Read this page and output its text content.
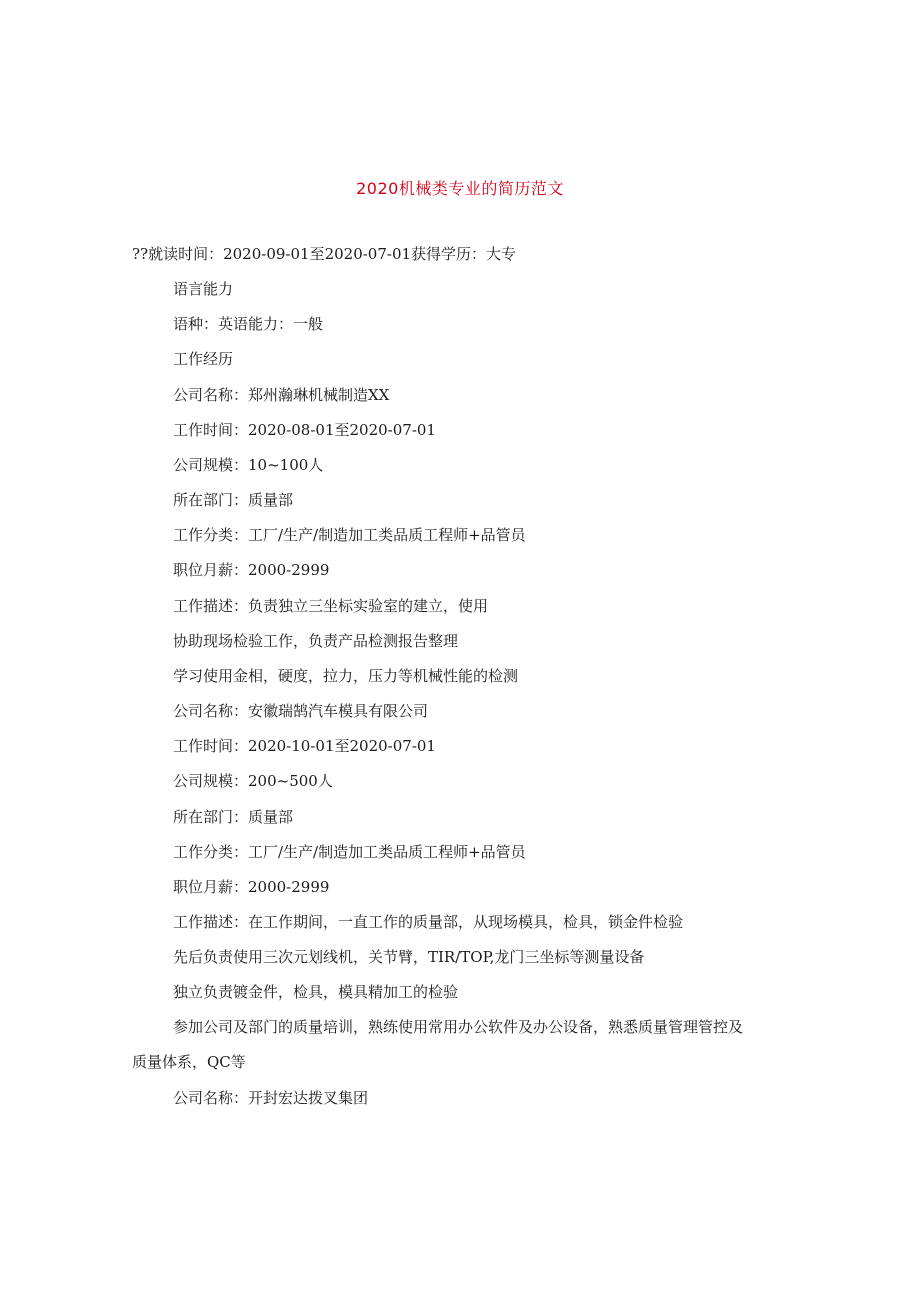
2020机械类专业的简历范文
??就读时间：2020-09-01至2020-07-01获得学历：大专
语言能力
语种：英语能力：一般
工作经历
公司名称：郑州瀚琳机械制造XX
工作时间：2020-08-01至2020-07-01
公司规模：10~100人
所在部门：质量部
工作分类：工厂/生产/制造加工类品质工程师+品管员
职位月薪：2000-2999
工作描述：负责独立三坐标实验室的建立，使用
协助现场检验工作，负责产品检测报告整理
学习使用金相，硬度，拉力，压力等机械性能的检测
公司名称：安徽瑞鹄汽车模具有限公司
工作时间：2020-10-01至2020-07-01
公司规模：200~500人
所在部门：质量部
工作分类：工厂/生产/制造加工类品质工程师+品管员
职位月薪：2000-2999
工作描述：在工作期间，一直工作的质量部，从现场模具，检具，锁金件检验
先后负责使用三次元划线机，关节臂，TIR/TOP,龙门三坐标等测量设备
独立负责镀金件，检具，模具精加工的检验
参加公司及部门的质量培训，熟练使用常用办公软件及办公设备，熟悉质量管理管控及质量体系，QC等
公司名称：开封宏达拨叉集团
